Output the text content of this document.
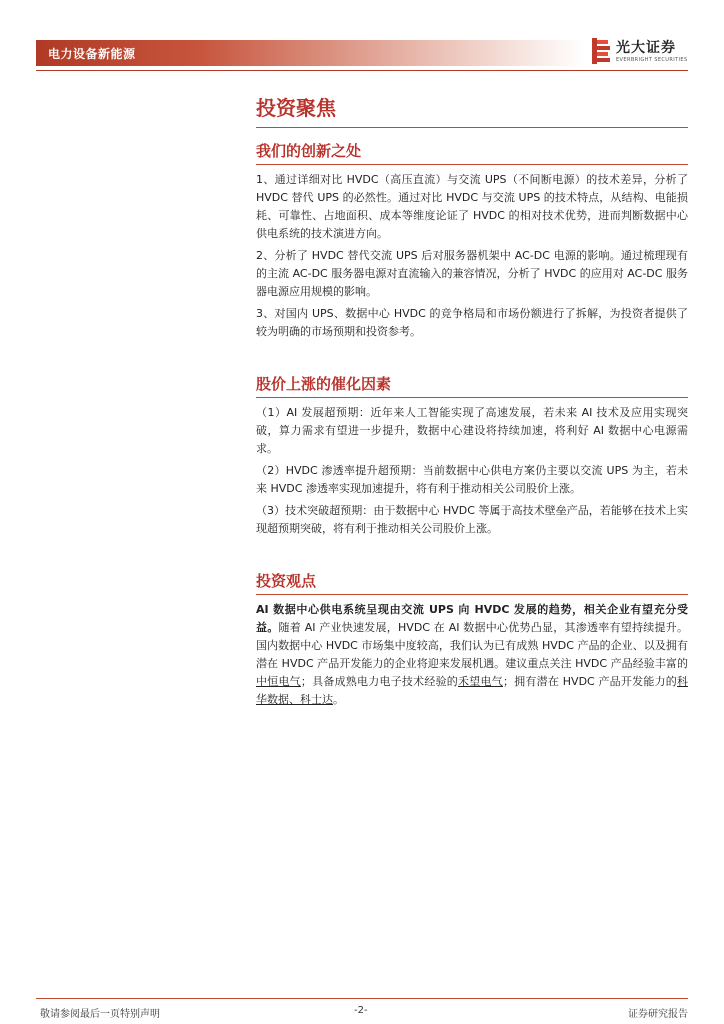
电力设备新能源	光大证券
EVERBRIGHT SECURITIES
投资聚焦
我们的创新之处

1、通过详细对比 HVDC（高压直流）与交流 UPS（不间断电源）的技术差异，分析了 HVDC 替代 UPS 的必然性。通过对比 HVDC 与交流 UPS 的技术特点，从结构、电能损耗、可靠性、占地面积、成本等维度论证了 HVDC 的相对技术优势，进而判断数据中心供电系统的技术演进方向。

2、分析了 HVDC 替代交流 UPS 后对服务器机架中 AC-DC 电源的影响。通过梳理现有的主流 AC-DC 服务器电源对直流输入的兼容情况，分析了 HVDC 的应用对 AC-DC 服务器电源应用规模的影响。

3、对国内 UPS、数据中心 HVDC 的竞争格局和市场份额进行了拆解，为投资者提供了较为明确的市场预期和投资参考。

股价上涨的催化因素

（1）AI 发展超预期：近年来人工智能实现了高速发展，若未来 AI 技术及应用实现突破，算力需求有望进一步提升，数据中心建设将持续加速，将利好 AI 数据中心电源需求。

（2）HVDC 渗透率提升超预期：当前数据中心供电方案仍主要以交流 UPS 为主，若未来 HVDC 渗透率实现加速提升，将有利于推动相关公司股价上涨。

（3）技术突破超预期：由于数据中心 HVDC 等属于高技术壁垒产品，若能够在技术上实现超预期突破，将有利于推动相关公司股价上涨。

投资观点

AI 数据中心供电系统呈现由交流 UPS 向 HVDC 发展的趋势，相关企业有望充分受益。随着 AI 产业快速发展，HVDC 在 AI 数据中心优势凸显，其渗透率有望持续提升。国内数据中心 HVDC 市场集中度较高，我们认为已有成熟 HVDC 产品的企业、以及拥有潜在 HVDC 产品开发能力的企业将迎来发展机遇。建议重点关注 HVDC 产品经验丰富的中恒电气；具备成熟电力电子技术经验的禾望电气；拥有潜在 HVDC 产品开发能力的科华数据、科士达。

敬请参阅最后一页特别声明	-2-	证券研究报告
